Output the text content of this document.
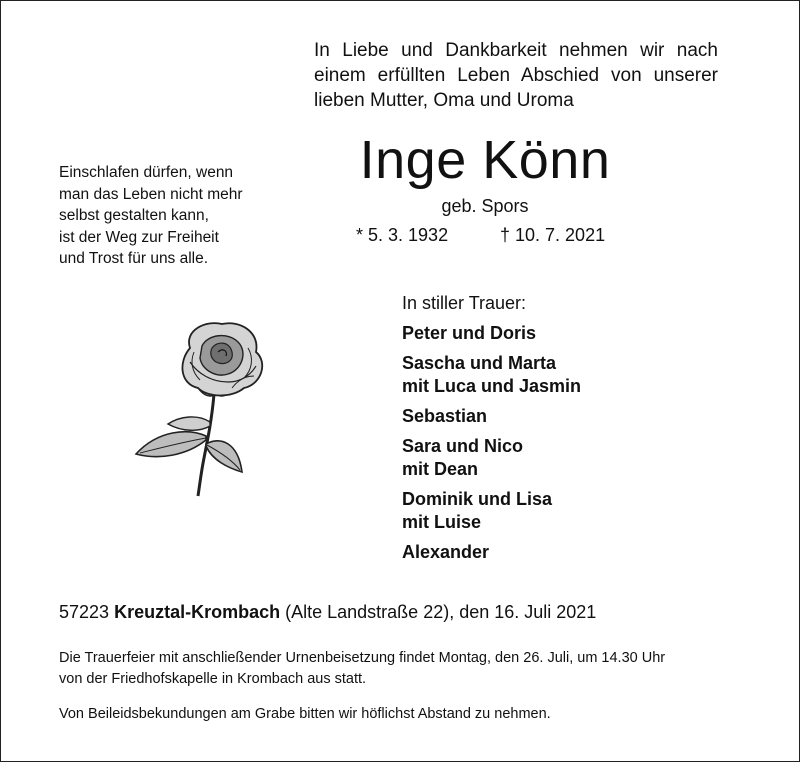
In Liebe und Dankbarkeit nehmen wir nach
einem erfüllten Leben Abschied von unserer
lieben Mutter, Oma und Uroma
Einschlafen dürfen, wenn
man das Leben nicht mehr
selbst gestalten kann,
ist der Weg zur Freiheit
und Trost für uns alle.
Inge Könn
geb. Spors
* 5. 3. 1932	† 10. 7. 2021
In stiller Trauer:
Peter und Doris
Sascha und Marta
mit Luca und Jasmin
Sebastian
Sara und Nico
mit Dean
Dominik und Lisa
mit Luise
Alexander
57223 Kreuztal-Krombach (Alte Landstraße 22), den 16. Juli 2021
Die Trauerfeier mit anschließender Urnenbeisetzung findet Montag, den 26. Juli, um 14.30 Uhr
von der Friedhofskapelle in Krombach aus statt.
Von Beileidsbekundungen am Grabe bitten wir höflichst Abstand zu nehmen.
